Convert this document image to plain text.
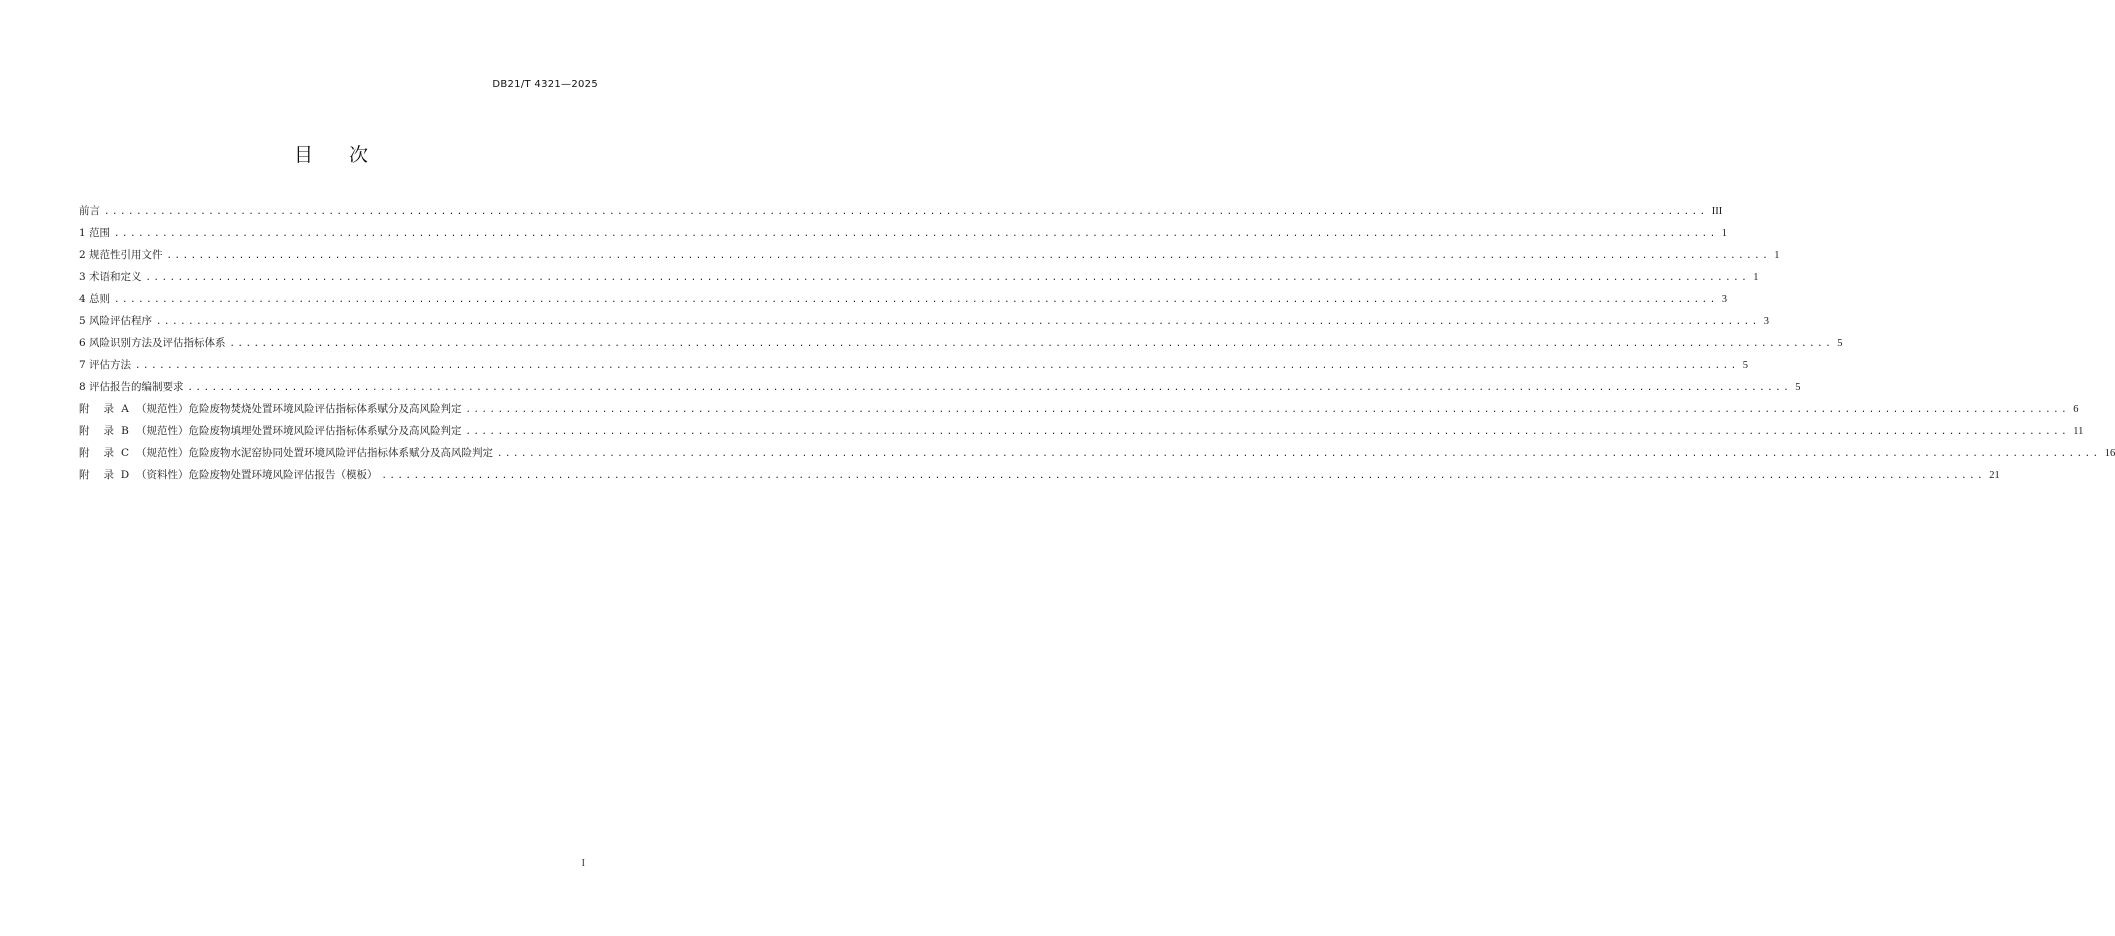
DB21/T 4321—2025
目 次
前言 ........................................................................................................................................................................................................ III
1 范围 ........................................................................................................................................................................................................ 1
2 规范性引用文件 ........................................................................................................................................................................................................ 1
3 术语和定义 ........................................................................................................................................................................................................ 1
4 总则 ........................................................................................................................................................................................................ 3
5 风险评估程序 ........................................................................................................................................................................................................ 3
6 风险识别方法及评估指标体系 ........................................................................................................................................................................................................ 5
7 评估方法 ........................................................................................................................................................................................................ 5
8 评估报告的编制要求 ........................................................................................................................................................................................................ 5
附 录 A （规范性）危险废物焚烧处置环境风险评估指标体系赋分及高风险判定 ........................................................................................................................................................................................................ 6
附 录 B （规范性）危险废物填埋处置环境风险评估指标体系赋分及高风险判定 ........................................................................................................................................................................................................ 11
附 录 C （规范性）危险废物水泥窑协同处置环境风险评估指标体系赋分及高风险判定 ........................................................................................................................................................................................................ 16
附 录 D （资料性）危险废物处置环境风险评估报告（模板） ........................................................................................................................................................................................................ 21
I
